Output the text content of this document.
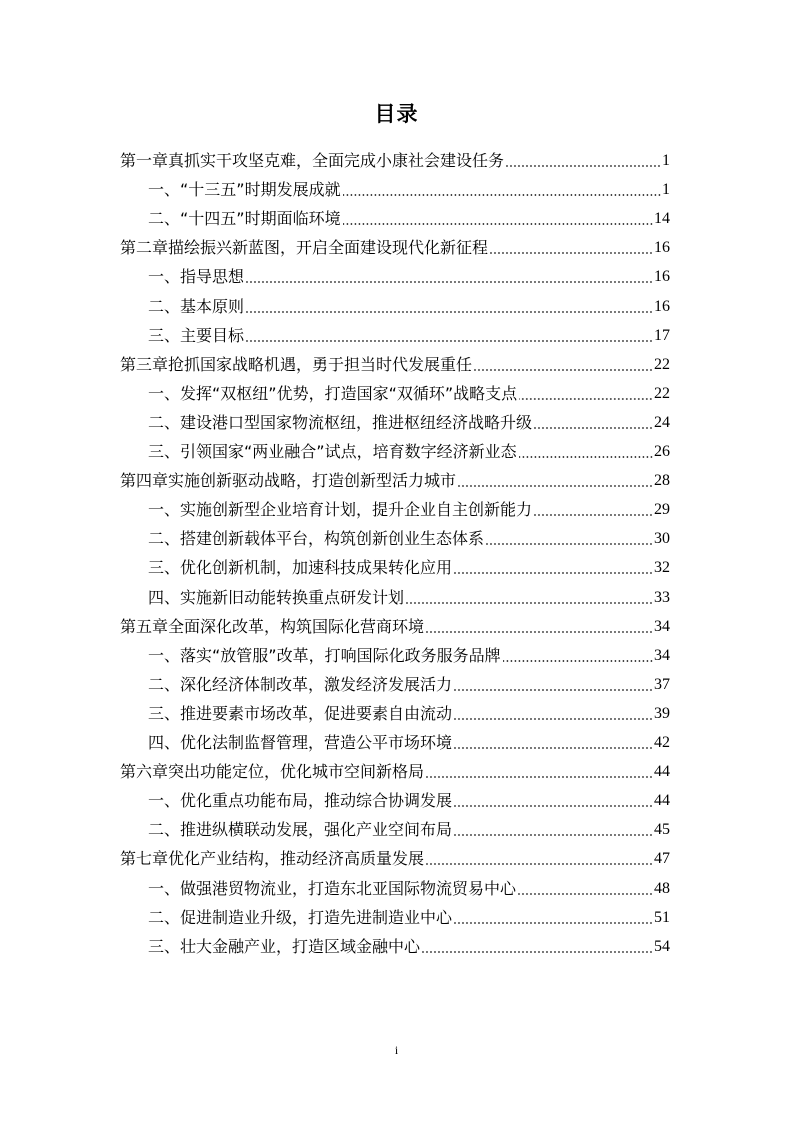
目录
第一章真抓实干攻坚克难，全面完成小康社会建设任务	1
一、“十三五”时期发展成就	1
二、“十四五”时期面临环境	14
第二章描绘振兴新蓝图，开启全面建设现代化新征程	16
一、指导思想	16
二、基本原则	16
三、主要目标	17
第三章抢抓国家战略机遇，勇于担当时代发展重任	22
一、发挥“双枢纽”优势，打造国家“双循环”战略支点	22
二、建设港口型国家物流枢纽，推进枢纽经济战略升级	24
三、引领国家“两业融合”试点，培育数字经济新业态	26
第四章实施创新驱动战略，打造创新型活力城市	28
一、实施创新型企业培育计划，提升企业自主创新能力	29
二、搭建创新载体平台，构筑创新创业生态体系	30
三、优化创新机制，加速科技成果转化应用	32
四、实施新旧动能转换重点研发计划	33
第五章全面深化改革，构筑国际化营商环境	34
一、落实“放管服”改革，打响国际化政务服务品牌	34
二、深化经济体制改革，激发经济发展活力	37
三、推进要素市场改革，促进要素自由流动	39
四、优化法制监督管理，营造公平市场环境	42
第六章突出功能定位，优化城市空间新格局	44
一、优化重点功能布局，推动综合协调发展	44
二、推进纵横联动发展，强化产业空间布局	45
第七章优化产业结构，推动经济高质量发展	47
一、做强港贸物流业，打造东北亚国际物流贸易中心	48
二、促进制造业升级，打造先进制造业中心	51
三、壮大金融产业，打造区域金融中心	54
i
